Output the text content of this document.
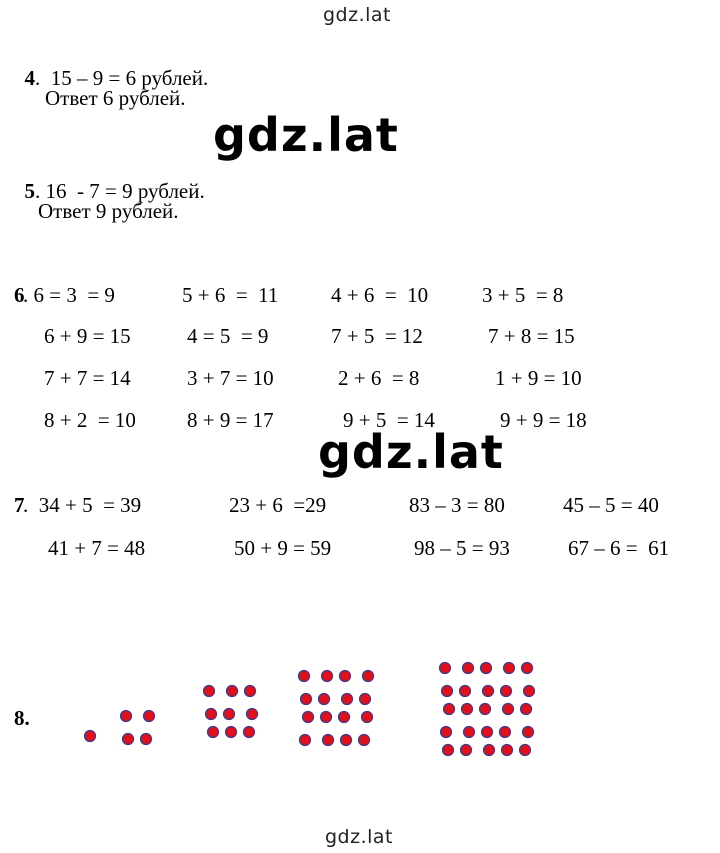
gdz.lat
gdz.lat
gdz.lat
gdz.lat

4.  15 – 9 = 6 рублей.

Ответ 6 рублей.

5. 16  - 7 = 9 рублей.

Ответ 9 рублей.
6
. 6 = 3  = 9	5 + 6  =  11	4 + 6  =  10	3 + 5  = 8
6 + 9 = 15	4 = 5  = 9	7 + 5  = 12	7 + 8 = 15
7 + 7 = 14	3 + 7 = 10	2 + 6  = 8	1 + 9 = 10
8 + 2  = 10 8 + 9 = 17	9 + 5  = 14	9 + 9 = 18
7
.  34 + 5  = 39	23 + 6  =29	83 – 3 = 80	45 – 5 = 40
41 + 7 = 48	50 + 9 = 59	98 – 5 = 93	67 – 6 =  61
8.
